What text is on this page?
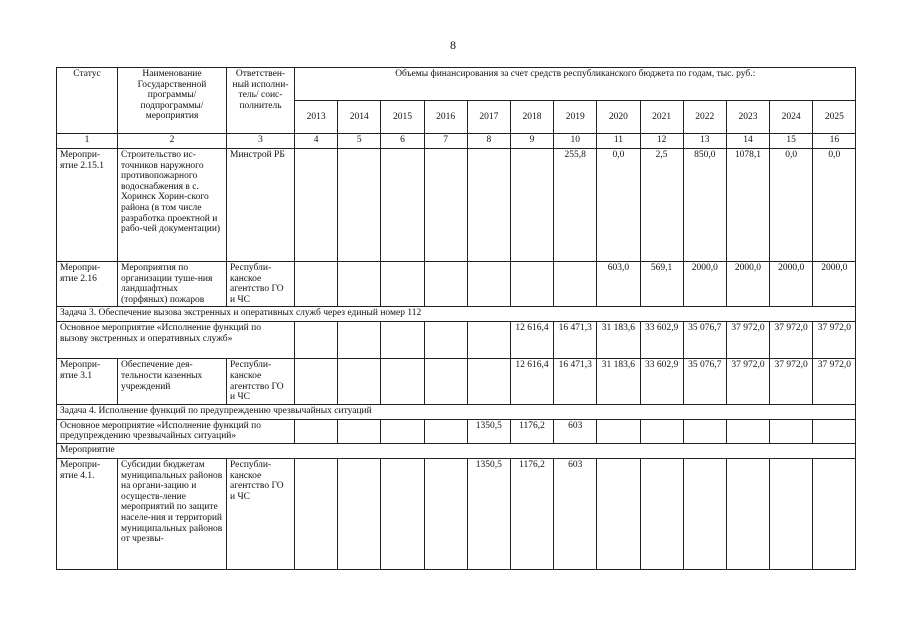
8
Статус	Наименование Государственной программы/ подпрограммы/ мероприятия	Ответствен-ный исполни-тель/ соис-полнитель	Объемы финансирования за счет средств республиканского бюджета по годам, тыс. руб.:												
			2013	2014	2015	2016	2017	2018	2019	2020	2021	2022	2023	2024	2025
1	2	3	4	5	6	7	8	9	10	11	12	13	14	15	16
Меропри-ятие 2.15.1	Строительство ис-точников наружного противопожарного водоснабжения в с. Хоринск Хорин-ского района (в том числе разработка проектной и рабо-чей документации)	Минстрой РБ							255,8	0,0	2,5	850,0	1078,1	0,0	0,0
Меропри-ятие 2.16	Мероприятия по организации туше-ния ландшафтных (торфяных) пожаров	Республи-канское агентство ГО и ЧС								603,0	569,1	2000,0	2000,0	2000,0	2000,0
Задача 3. Обеспечение вызова экстренных и оперативных служб через единый номер 112															
Основное мероприятие «Исполнение функций по вызову экстренных и оперативных служб»								12 616,4	16 471,3	31 183,6	33 602,9	35 076,7	37 972,0	37 972,0	37 972,0
Меропри-ятие 3.1	Обеспечение дея-тельности казенных учреждений	Республи-канское агентство ГО и ЧС						12 616,4	16 471,3	31 183,6	33 602,9	35 076,7	37 972,0	37 972,0	37 972,0
Задача 4. Исполнение функций по предупреждению чрезвычайных ситуаций															
Основное мероприятие «Исполнение функций по предупреждению чрезвычайных ситуаций»							1350,5	1176,2	603						
Мероприятие															
Меропри-ятие 4.1.	Субсидии бюджетам муниципальных районов на органи-зацию и осуществ-ление мероприятий по защите населе-ния и территорий муниципальных районов от чрезвы-	Республи-канское агентство ГО и ЧС					1350,5	1176,2	603						
